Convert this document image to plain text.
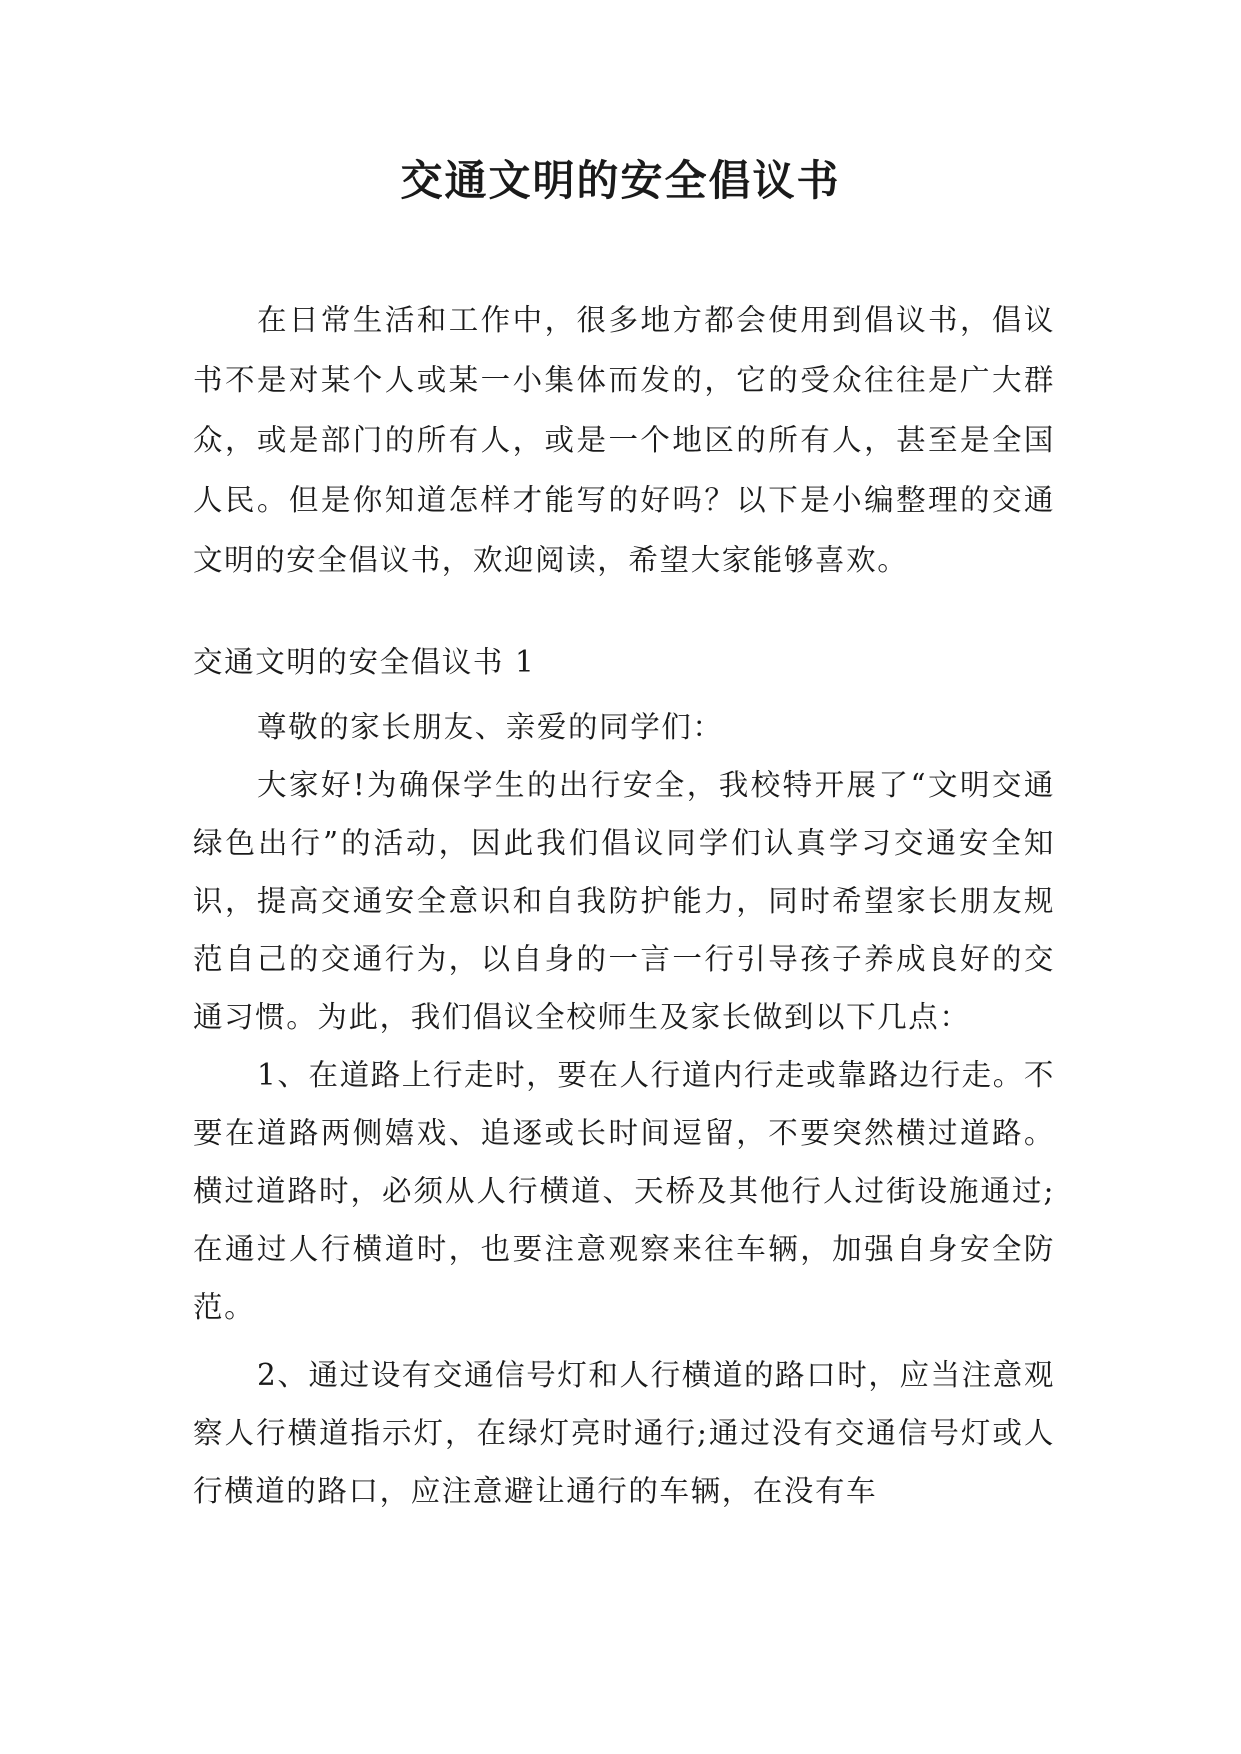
交通文明的安全倡议书

在日常生活和工作中，很多地方都会使用到倡议书，倡议书不是对某个人或某一小集体而发的，它的受众往往是广大群众，或是部门的所有人，或是一个地区的所有人，甚至是全国人民。但是你知道怎样才能写的好吗？以下是小编整理的交通文明的安全倡议书，欢迎阅读，希望大家能够喜欢。

交通文明的安全倡议书 1

尊敬的家长朋友、亲爱的同学们：

大家好!为确保学生的出行安全，我校特开展了“文明交通 绿色出行”的活动，因此我们倡议同学们认真学习交通安全知识，提高交通安全意识和自我防护能力，同时希望家长朋友规范自己的交通行为，以自身的一言一行引导孩子养成良好的交通习惯。为此，我们倡议全校师生及家长做到以下几点：

1、在道路上行走时，要在人行道内行走或靠路边行走。不要在道路两侧嬉戏、追逐或长时间逗留，不要突然横过道路。横过道路时，必须从人行横道、天桥及其他行人过街设施通过;在通过人行横道时，也要注意观察来往车辆，加强自身安全防范。

2、通过设有交通信号灯和人行横道的路口时，应当注意观察人行横道指示灯，在绿灯亮时通行;通过没有交通信号灯或人行横道的路口，应注意避让通行的车辆，在没有车
